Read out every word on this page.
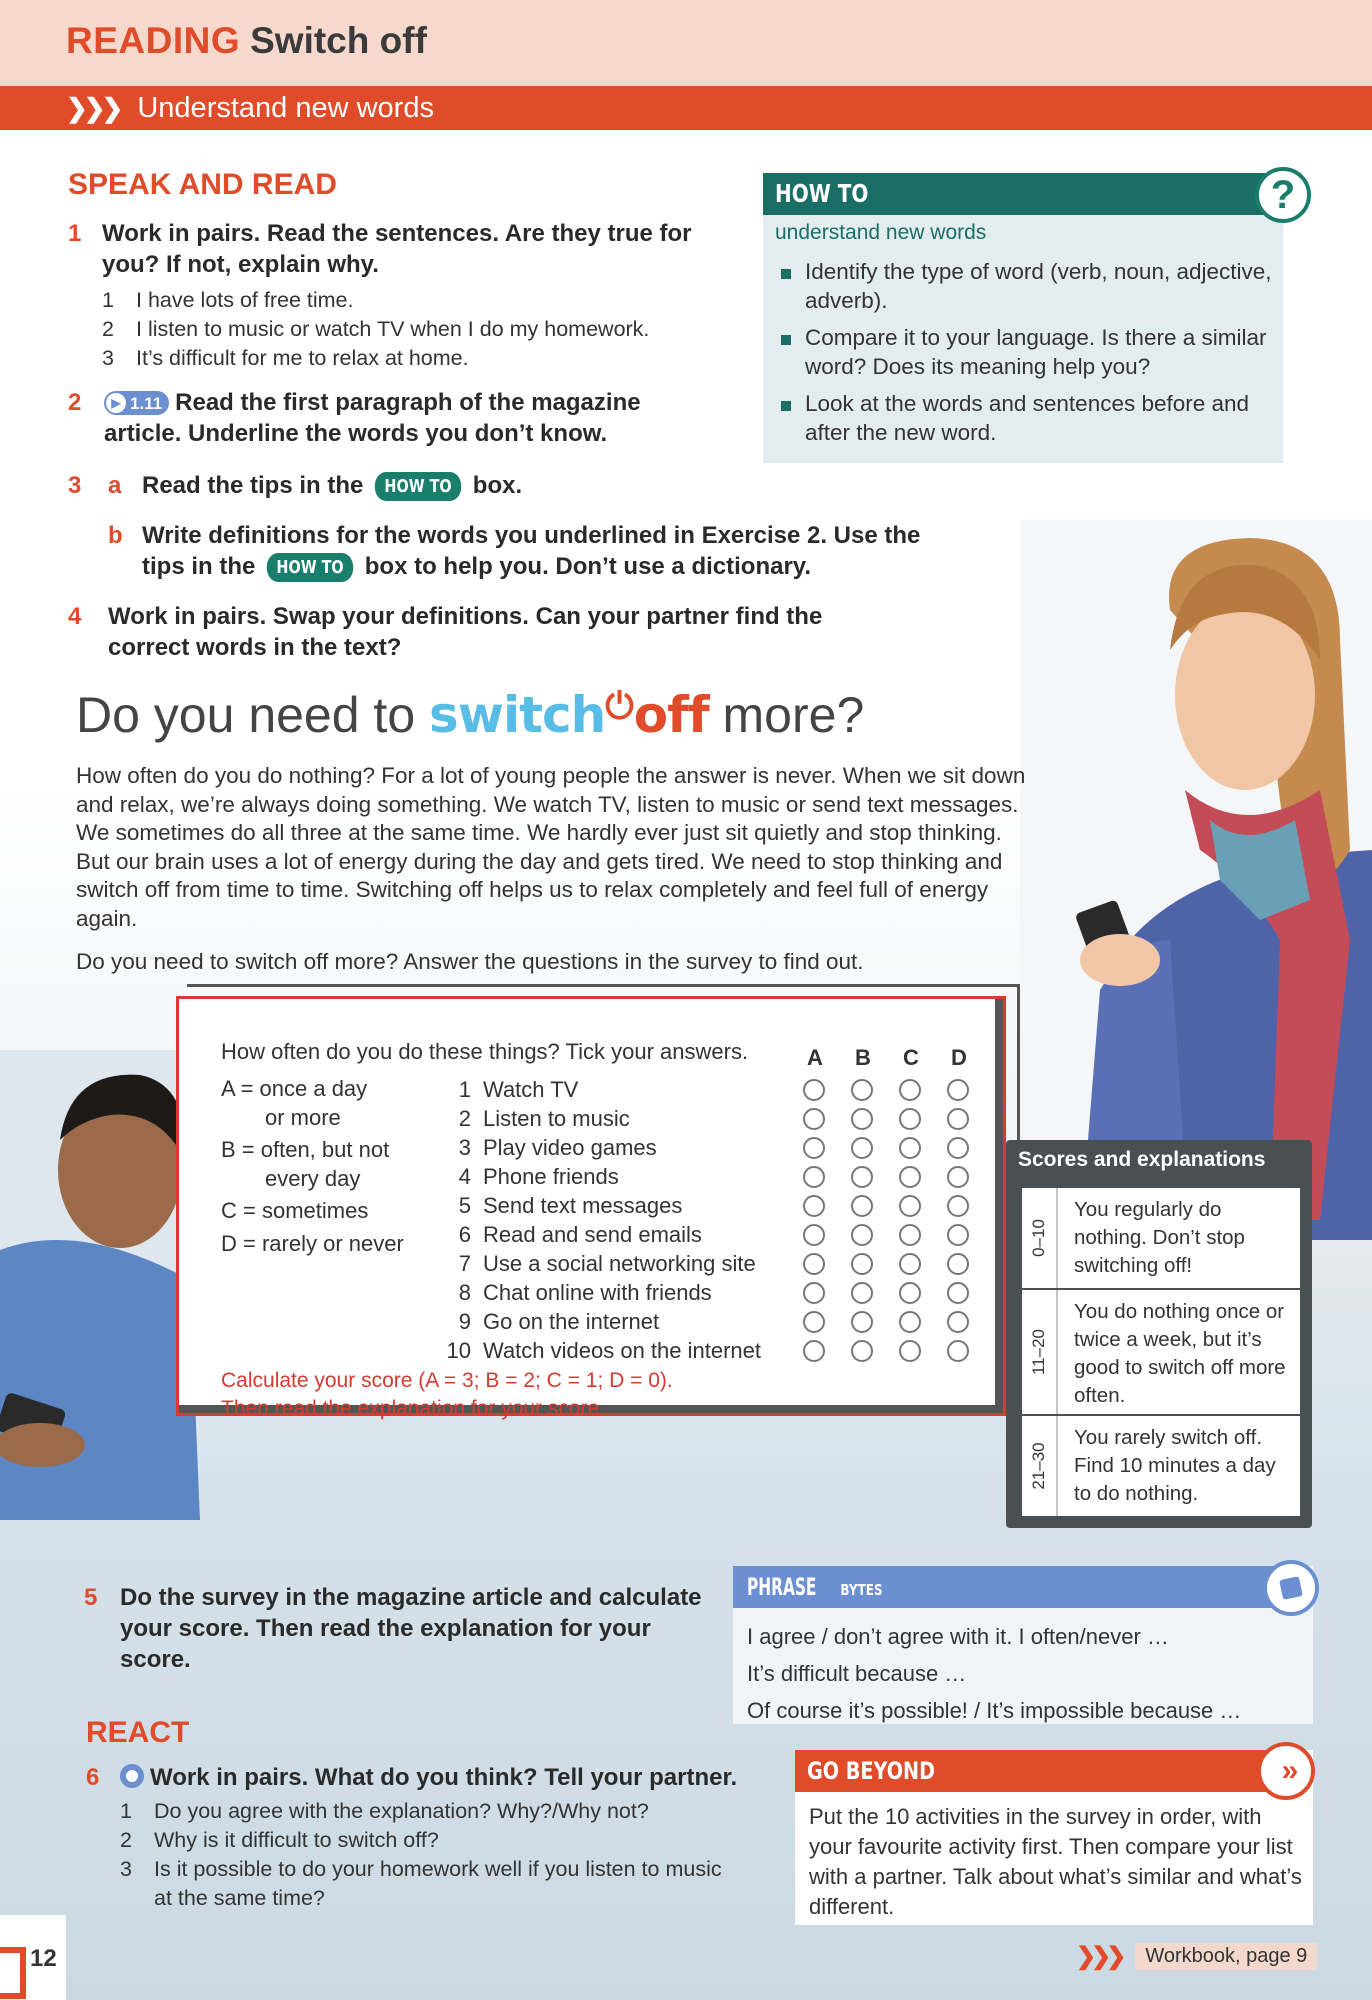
READING Switch off
❯❯❯ Understand new words
SPEAK AND READ
1 Work in pairs. Read the sentences. Are they true for you? If not, explain why.
1	I have lots of free time.
2	I listen to music or watch TV when I do my homework.
3	It’s difficult for me to relax at home.
2	▶ 1.11 Read the first paragraph of the magazine article. Underline the words you don’t know.
3 a Read the tips in the HOW TO box.
b Write definitions for the words you underlined in Exercise 2. Use the tips in the HOW TO box to help you. Don’t use a dictionary.
4	Work in pairs. Swap your definitions. Can your partner find the correct words in the text?
HOW TO	?
understand new words
Identify the type of word (verb, noun, adjective, adverb).
Compare it to your language. Is there a similar word? Does its meaning help you?
Look at the words and sentences before and after the new word.
Do you need to switch⏻off more?
How often do you do nothing? For a lot of young people the answer is never. When we sit down and relax, we’re always doing something. We watch TV, listen to music or send text messages. We sometimes do all three at the same time. We hardly ever just sit quietly and stop thinking. But our brain uses a lot of energy during the day and gets tired. We need to stop thinking and switch off from time to time. Switching off helps us to relax completely and feel full of energy again.
Do you need to switch off more? Answer the questions in the survey to find out.
How often do you do these things? Tick your answers.	A B C D
A = once a day
or more
B = often, but not
every day
C = sometimes
D = rarely or never
1 Watch TV
2 Listen to music
3 Play video games
4 Phone friends
5 Send text messages
6 Read and send emails
7 Use a social networking site
8 Chat online with friends
9 Go on the internet
10 Watch videos on the internet
Calculate your score (A = 3; B = 2; C = 1; D = 0).
Then read the explanation for your score.
Scores and explanations
0–10
You regularly do nothing. Don’t stop switching off!
11–20
You do nothing once or twice a week, but it’s good to switch off more often.
21–30
You rarely switch off. Find 10 minutes a day to do nothing.
5 Do the survey in the magazine article and calculate your score. Then read the explanation for your score.
REACT
6	Work in pairs. What do you think? Tell your partner.
1	Do you agree with the explanation? Why?/Why not?
2	Why is it difficult to switch off?
3	Is it possible to do your homework well if you listen to music at the same time?
PHRASE BYTES
I agree / don’t agree with it. I often/never …
It’s difficult because …
Of course it’s possible! / It’s impossible because …
GO BEYOND	»
Put the 10 activities in the survey in order, with your favourite activity first. Then compare your list with a partner. Talk about what’s similar and what’s different.
12	❯❯❯	Workbook, page 9
